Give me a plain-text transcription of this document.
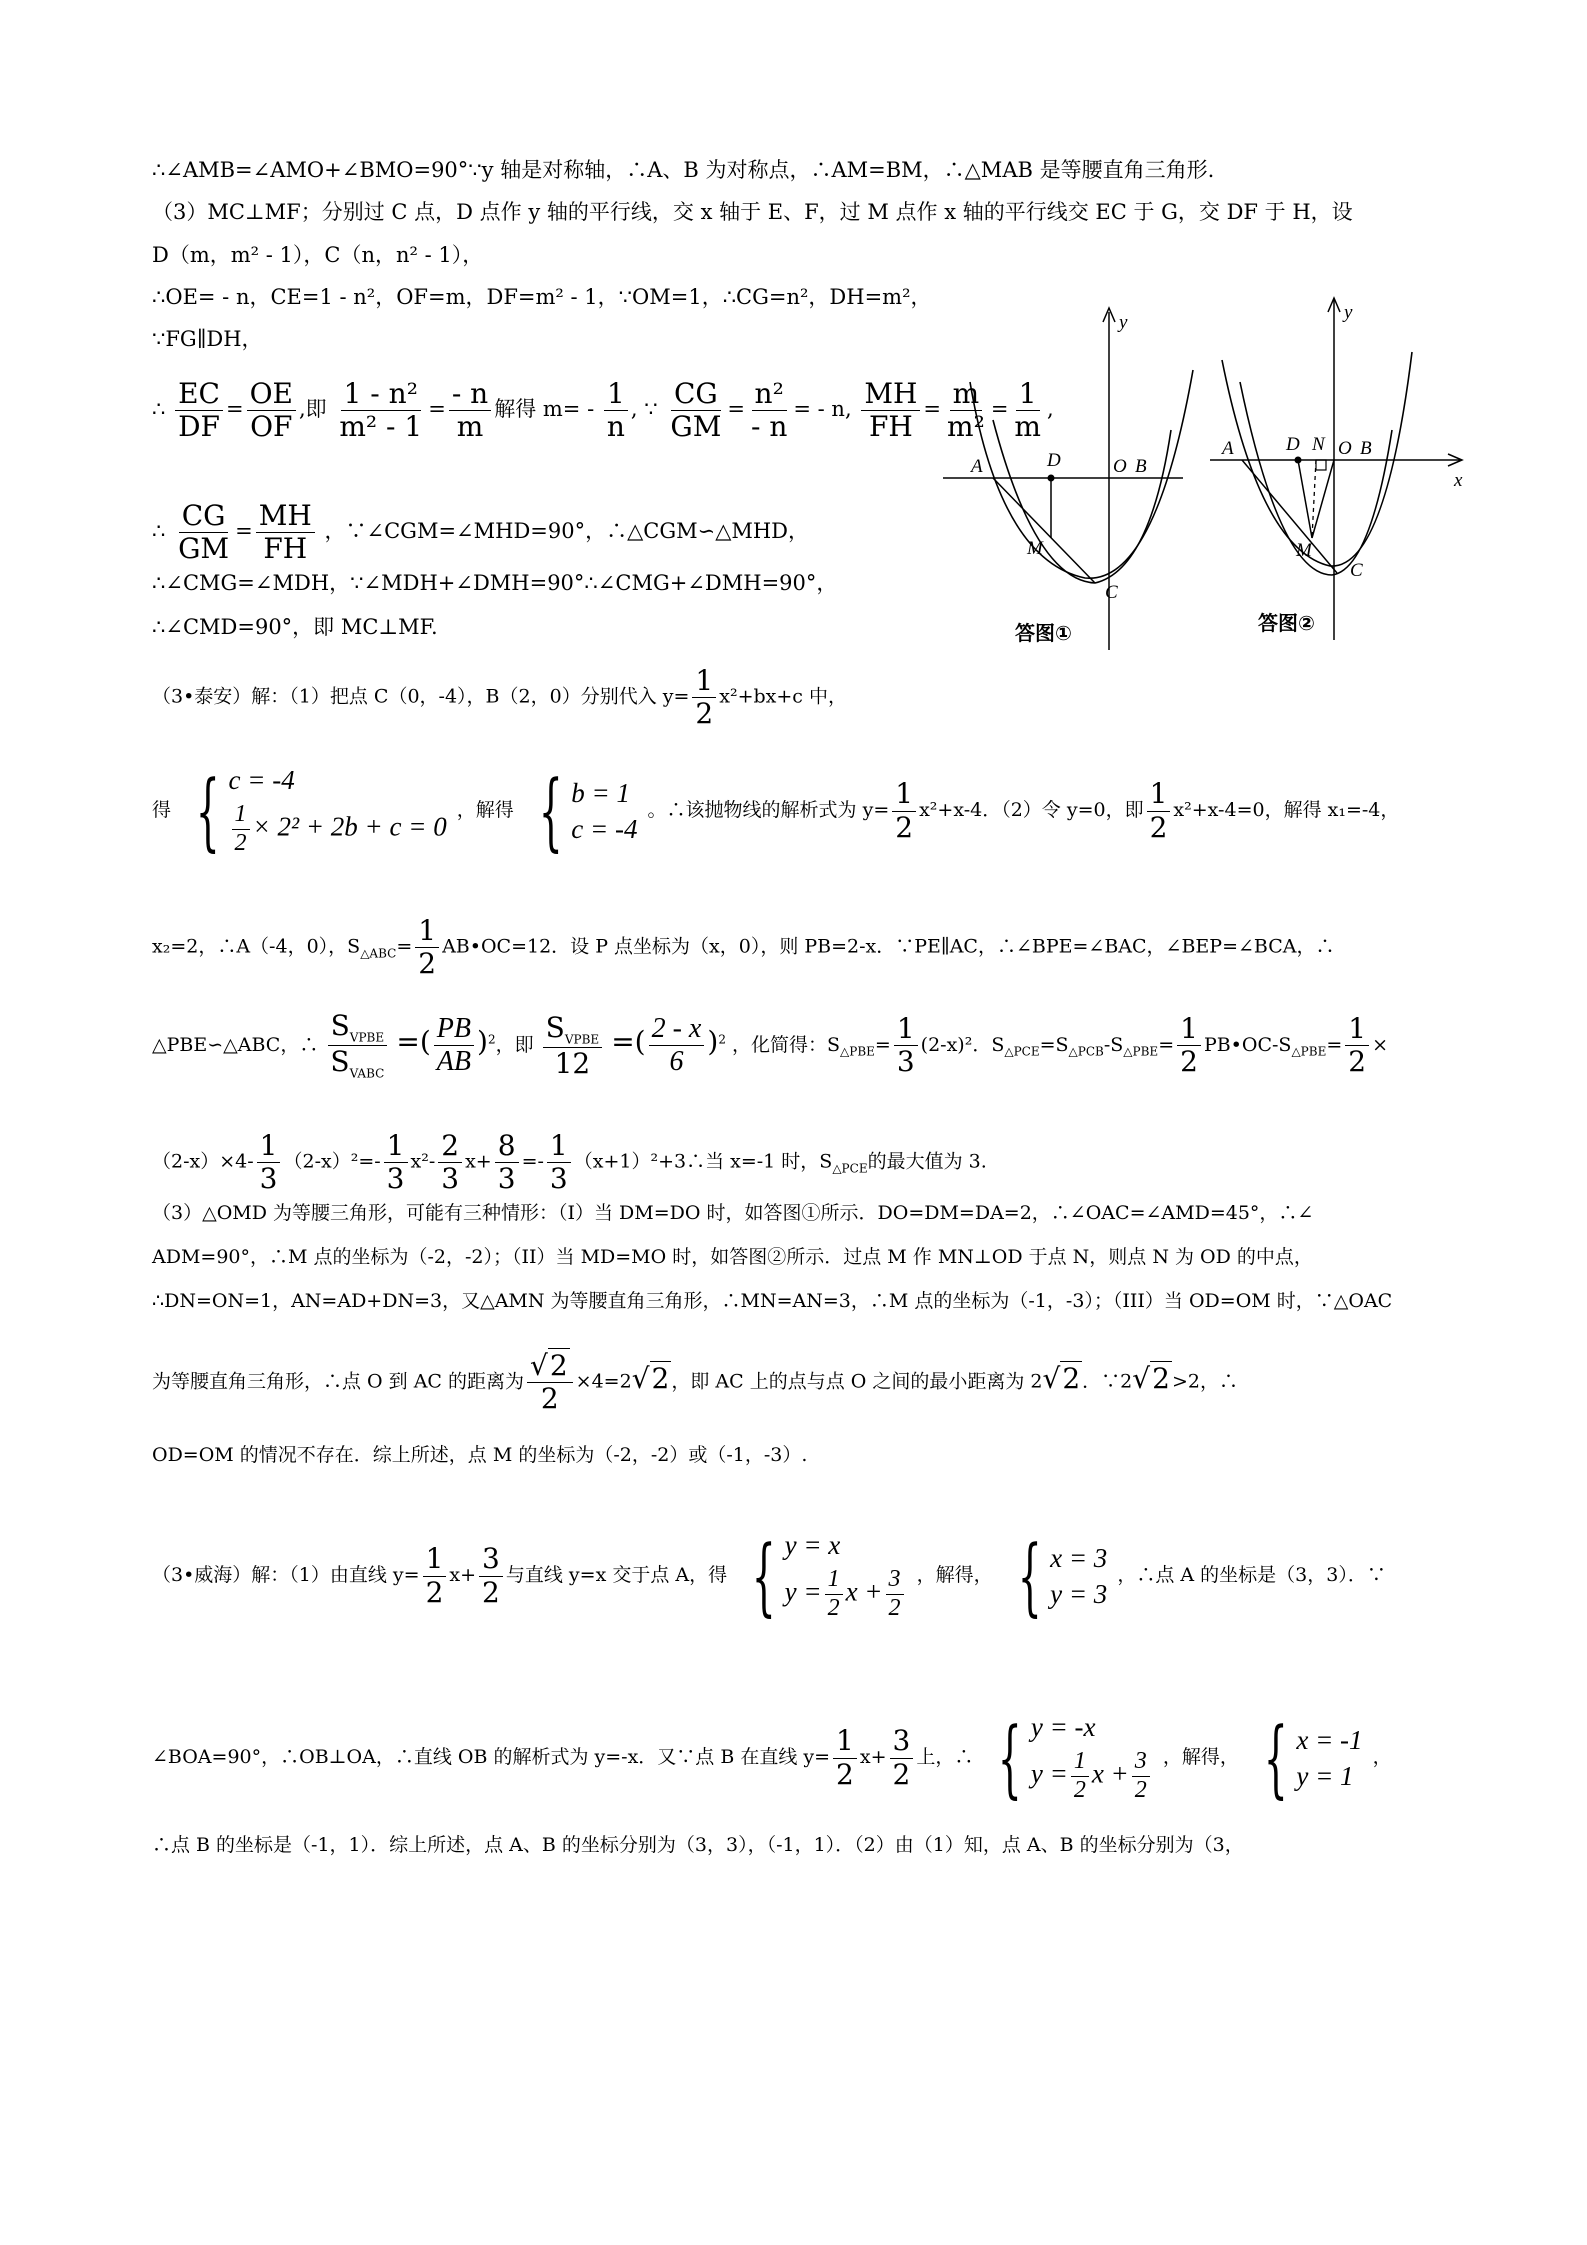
∴∠AMB=∠AMO+∠BMO=90°∵y 轴是对称轴，∴A、B 为对称点，∴AM=BM，∴△MAB 是等腰直角三角形.
（3）MC⊥MF；分别过 C 点，D 点作 y 轴的平行线，交 x 轴于 E、F，过 M 点作 x 轴的平行线交 EC 于 G，交 DF 于 H，设
D（m，m² - 1），C（n，n² - 1），
∴OE= - n，CE=1 - n²，OF=m，DF=m² - 1，∵OM=1，∴CG=n²，DH=m²，
∵FG∥DH，
∴ $\frac{EC}{DF} = \frac{OE}{OF}$ ,即 $\frac{\text{1 - n²}}{\text{m² - 1}} = \frac{- n}{m}$ 解得 $m= - \frac{1}{n}$ , ∵ $\frac{CG}{GM} = \frac{\text{n²}}{- n}$ = - n, $\frac{MH}{FH} = \frac{m}{\text{m²}} = \frac{1}{m}$ ,
∴ $\frac{CG}{GM} = \frac{MH}{FH}$ ，∵∠CGM=∠MHD=90°，∴△CGM∽△MHD，
∴∠CMG=∠MDH，∵∠MDH+∠DMH=90°∴∠CMG+∠DMH=90°，
∴∠CMD=90°，即 MC⊥MF.
（3•泰安）解：（1）把点 C（0，-4），B（2，0）分别代入 $y= \frac{1}{2} x^2+bx+c$ 中，
得 { c = -4
$\frac{1}{2} \times 2^2 + 2b + c = 0$
，解得 { b = 1
c = -4
。∴该抛物线的解析式为 $y= \frac{1}{2} x^2+x-4$．（2）令 y=0，即 $\frac{1}{2} x^2+x-4=0$，解得 x₁=-4，
x₂=2，∴A（-4，0），$S_{\triangle ABC}= \frac{1}{2}$ AB•OC=12．设 P 点坐标为（x，0），则 PB=2-x．∵PE∥AC，∴∠BPE=∠BAC，∠BEP=∠BCA，∴
△PBE∽△ABC，∴
$S_{VPBE}$
$S_{VABC}$
=( $\frac{PB}{AB} )^2$，即
$S_{VPBE}$
12
=( $\frac{2 - x}{6} )^2$ ，化简得：$S_{\triangle PBE}= \frac{1}{3} (2-x)^2$．$S_{\triangle PCE}=S_{\triangle PCB}-S_{\triangle PBE}= \frac{1}{2}$ $PB•OC-S_{\triangle PBE}= \frac{1}{2}$ ×
$(2-x)\times 4- \frac{1}{3} (2-x)^2=- \frac{1}{3} x^2- \frac{2}{3} x+ \frac{8}{3} =- \frac{1}{3}$ （x+1）²+3∴当 x=-1 时，$S_{\triangle PCE}$的最大值为 3.
（3）△OMD 为等腰三角形，可能有三种情形：（I）当 DM=DO 时，如答图①所示．DO=DM=DA=2，∴∠OAC=∠AMD=45°，∴∠
ADM=90°，∴M 点的坐标为（-2，-2）；（II）当 MD=MO 时，如答图②所示．过点 M 作 MN⊥OD 于点 N，则点 N 为 OD 的中点，
∴DN=ON=1，AN=AD+DN=3，又△AMN 为等腰直角三角形，∴MN=AN=3，∴M 点的坐标为（-1，-3）；（III）当 OD=OM 时，∵△OAC
为等腰直角三角形，∴点 O 到 AC 的距离为 $\frac{√2}{2} \times 4=2√2$ ，即 AC 上的点与点 O 之间的最小距离为 2√2 ．∵2√2 >2，∴
OD=OM 的情况不存在．综上所述，点 M 的坐标为（-2，-2）或（-1，-3）.
（3•威海）解：（1）由直线 $y= \frac{1}{2} x+ \frac{3}{2}$ 与直线 y=x 交于点 A，得 { y = x
$y = \frac{1}{2}$ $x + \frac{3}{2}$ ，解得， { x = 3
y = 3
，∴点 A 的坐标是（3，3）．∵
∠BOA=90°，∴OB⊥OA，∴直线 OB 的解析式为 y=-x．又∵点 B 在直线 $y= \frac{1}{2} x+ \frac{3}{2}$ 上，∴ { y = -x
$y = \frac{1}{2}$ $x + \frac{3}{2}$ ，解得， { x = -1
y = 1
，
∴点 B 的坐标是（-1，1）．综上所述，点 A、B 的坐标分别为（3，3），（-1，1）．（2）由（1）知，点 A、B 的坐标分别为（3，
y
A	D	O B
M
C
答图①
y
x
A	D N O B
M
C
答图②
